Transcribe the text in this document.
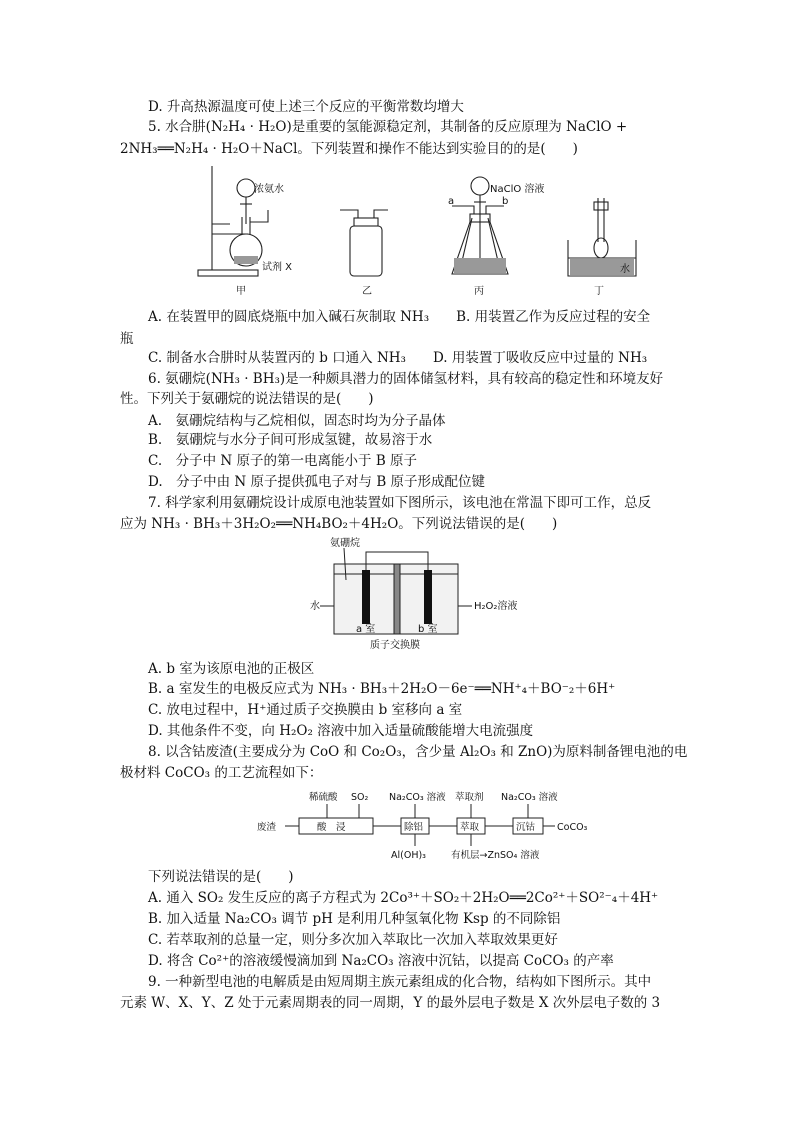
D. 升高热源温度可使上述三个反应的平衡常数均增大
5. 水合肼(N₂H₄ · H₂O)是重要的氢能源稳定剂，其制备的反应原理为 NaClO +
2NH₃══N₂H₄ · H₂O＋NaCl。下列装置和操作不能达到实验目的的是(　　)
浓氨水
试剂 X
NaClO 溶液
a	b
水
甲	乙	丙	丁
A. 在装置甲的圆底烧瓶中加入碱石灰制取 NH₃　　B. 用装置乙作为反应过程的安全
瓶
C. 制备水合肼时从装置丙的 b 口通入 NH₃　　D. 用装置丁吸收反应中过量的 NH₃
6. 氨硼烷(NH₃ · BH₃)是一种颇具潜力的固体储氢材料，具有较高的稳定性和环境友好
性。下列关于氨硼烷的说法错误的是(　　)
A.　氨硼烷结构与乙烷相似，固态时均为分子晶体
B.　氨硼烷与水分子间可形成氢键，故易溶于水
C.　分子中 N 原子的第一电离能小于 B 原子
D.　分子中由 N 原子提供孤电子对与 B 原子形成配位键
7. 科学家利用氨硼烷设计成原电池装置如下图所示，该电池在常温下即可工作，总反
应为 NH₃ · BH₃＋3H₂O₂══NH₄BO₂＋4H₂O。下列说法错误的是(　　)
氨硼烷
水	H₂O₂溶液
a 室	b 室
质子交换膜
A. b 室为该原电池的正极区
B. a 室发生的电极反应式为 NH₃ · BH₃＋2H₂O－6e⁻══NH⁺₄＋BO⁻₂＋6H⁺
C. 放电过程中，H⁺通过质子交换膜由 b 室移向 a 室
D. 其他条件不变，向 H₂O₂ 溶液中加入适量硫酸能增大电流强度
8. 以含钴废渣(主要成分为 CoO 和 Co₂O₃，含少量 Al₂O₃ 和 ZnO)为原料制备锂电池的电
极材料 CoCO₃ 的工艺流程如下：
稀硫酸 SO₂ Na₂CO₃ 溶液 萃取剂 Na₂CO₃ 溶液
废渣	酸　浸	除铝	萃取	沉钴 CoCO₃
Al(OH)₃	有机层→ZnSO₄ 溶液
下列说法错误的是(　　)
A. 通入 SO₂ 发生反应的离子方程式为 2Co³⁺＋SO₂＋2H₂O══2Co²⁺＋SO²⁻₄＋4H⁺
B. 加入适量 Na₂CO₃ 调节 pH 是利用几种氢氧化物 Ksp 的不同除铝
C. 若萃取剂的总量一定，则分多次加入萃取比一次加入萃取效果更好
D. 将含 Co²⁺的溶液缓慢滴加到 Na₂CO₃ 溶液中沉钴，以提高 CoCO₃ 的产率
9. 一种新型电池的电解质是由短周期主族元素组成的化合物，结构如下图所示。其中
元素 W、X、Y、Z 处于元素周期表的同一周期，Y 的最外层电子数是 X 次外层电子数的 3
